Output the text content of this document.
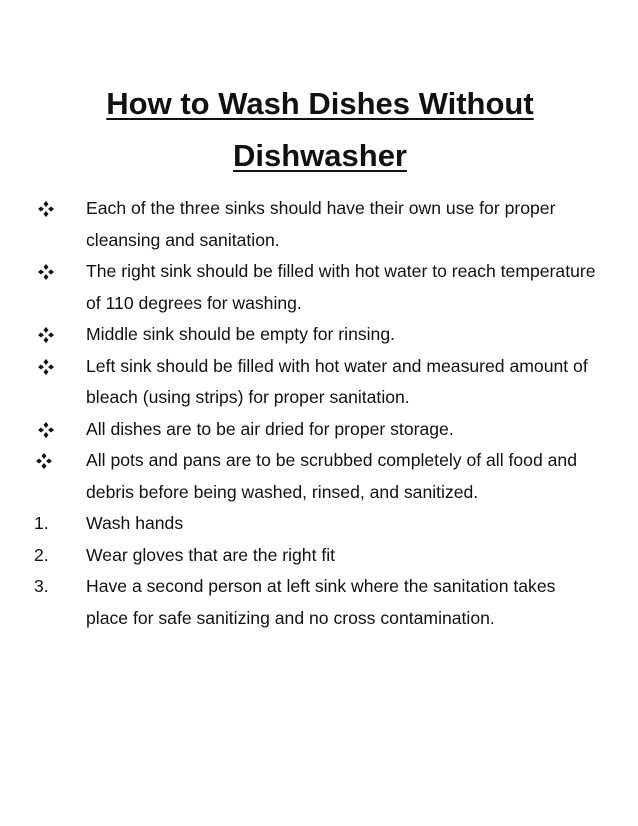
How to Wash Dishes Without
Dishwasher
Each of the three sinks should have their own use for proper cleansing and sanitation.
The right sink should be filled with hot water to reach temperature of 110 degrees for washing.
Middle sink should be empty for rinsing.
Left sink should be filled with hot water and measured amount of bleach (using strips) for proper sanitation.
All dishes are to be air dried for proper storage.
All pots and pans are to be scrubbed completely of all food and debris before being washed, rinsed, and sanitized.
1. Wash hands
2. Wear gloves that are the right fit
3. Have a second person at left sink where the sanitation takes place for safe sanitizing and no cross contamination.
